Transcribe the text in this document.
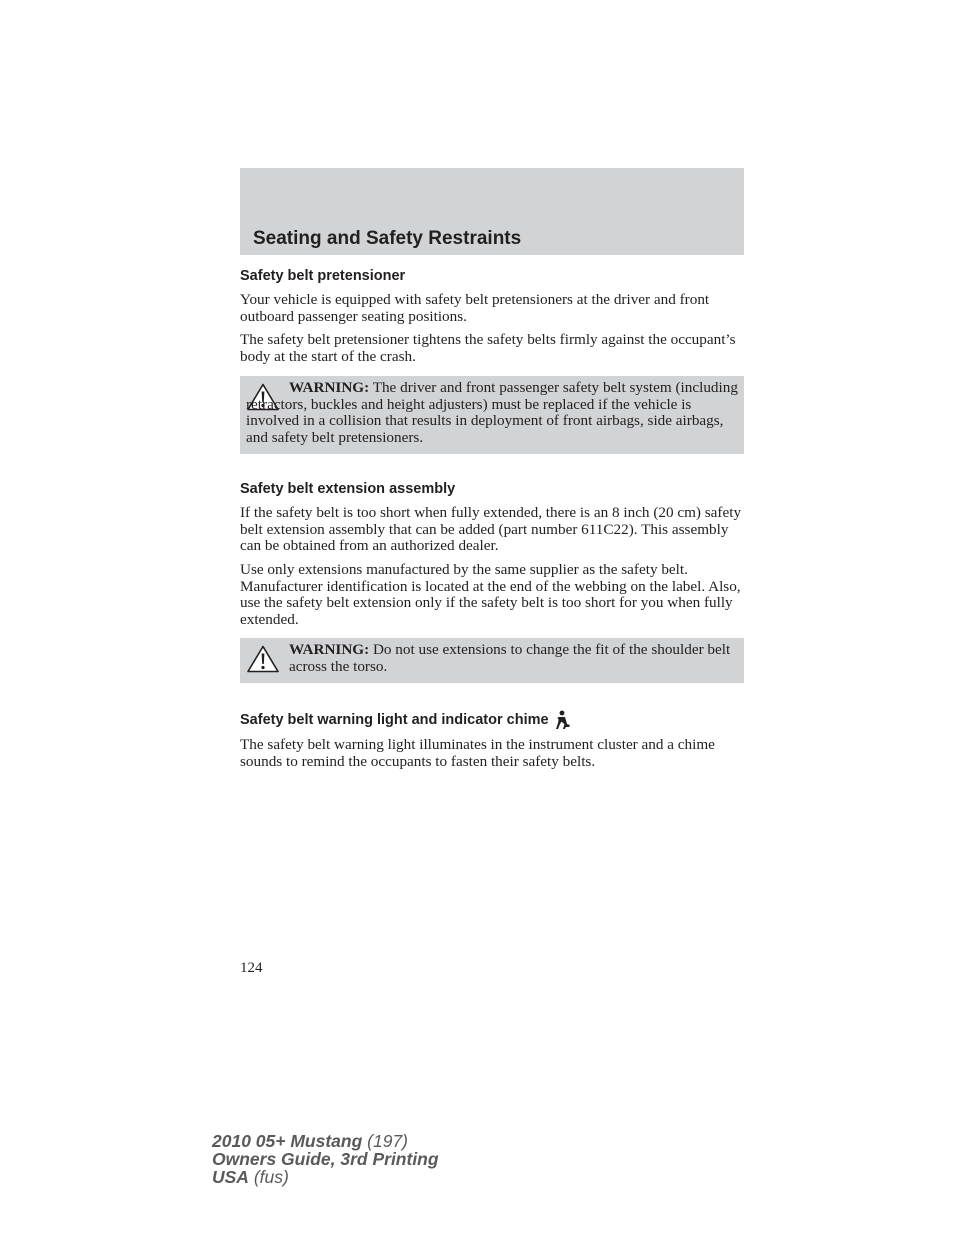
Seating and Safety Restraints
Safety belt pretensioner
Your vehicle is equipped with safety belt pretensioners at the driver and front outboard passenger seating positions.
The safety belt pretensioner tightens the safety belts firmly against the occupant’s body at the start of the crash.
WARNING: The driver and front passenger safety belt system (including retractors, buckles and height adjusters) must be replaced if the vehicle is involved in a collision that results in deployment of front airbags, side airbags, and safety belt pretensioners.
Safety belt extension assembly
If the safety belt is too short when fully extended, there is an 8 inch (20 cm) safety belt extension assembly that can be added (part number 611C22). This assembly can be obtained from an authorized dealer.
Use only extensions manufactured by the same supplier as the safety belt. Manufacturer identification is located at the end of the webbing on the label. Also, use the safety belt extension only if the safety belt is too short for you when fully extended.
WARNING: Do not use extensions to change the fit of the shoulder belt across the torso.
Safety belt warning light and indicator chime
The safety belt warning light illuminates in the instrument cluster and a chime sounds to remind the occupants to fasten their safety belts.
124
2010 05+ Mustang (197)
Owners Guide, 3rd Printing
USA (fus)
